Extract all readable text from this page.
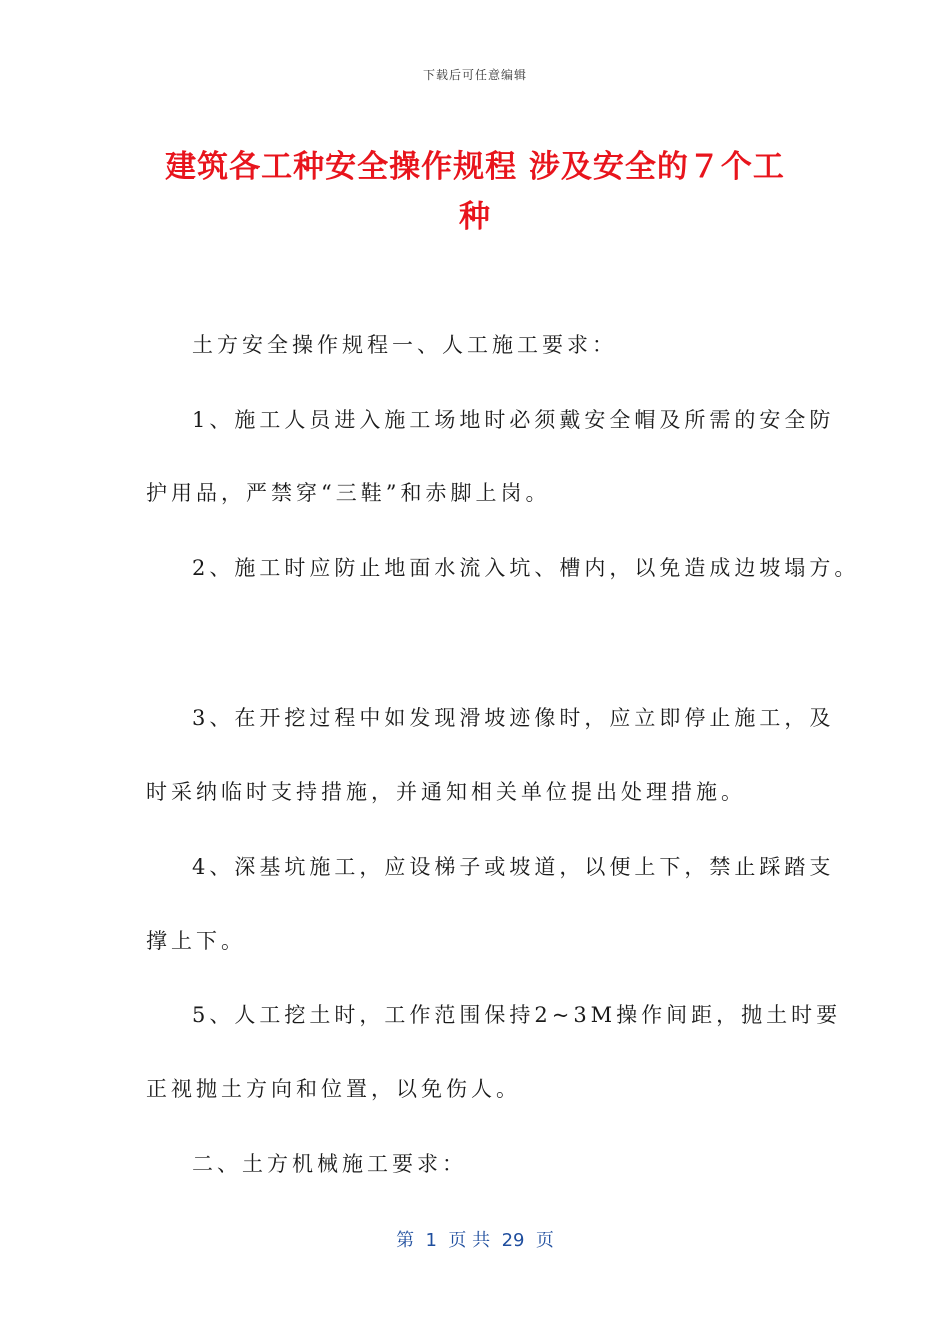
下载后可任意编辑
建筑各工种安全操作规程 涉及安全的７个工
种
土方安全操作规程一、人工施工要求：
1、施工人员进入施工场地时必须戴安全帽及所需的安全防
护用品，严禁穿“三鞋”和赤脚上岗。
2、施工时应防止地面水流入坑、槽内，以免造成边坡塌方。
3、在开挖过程中如发现滑坡迹像时，应立即停止施工，及
时采纳临时支持措施，并通知相关单位提出处理措施。
4、深基坑施工，应设梯子或坡道，以便上下，禁止踩踏支
撑上下。
5、人工挖土时，工作范围保持2~3M操作间距，抛土时要
正视抛土方向和位置，以免伤人。
二、土方机械施工要求：
第  1  页 共  29  页
